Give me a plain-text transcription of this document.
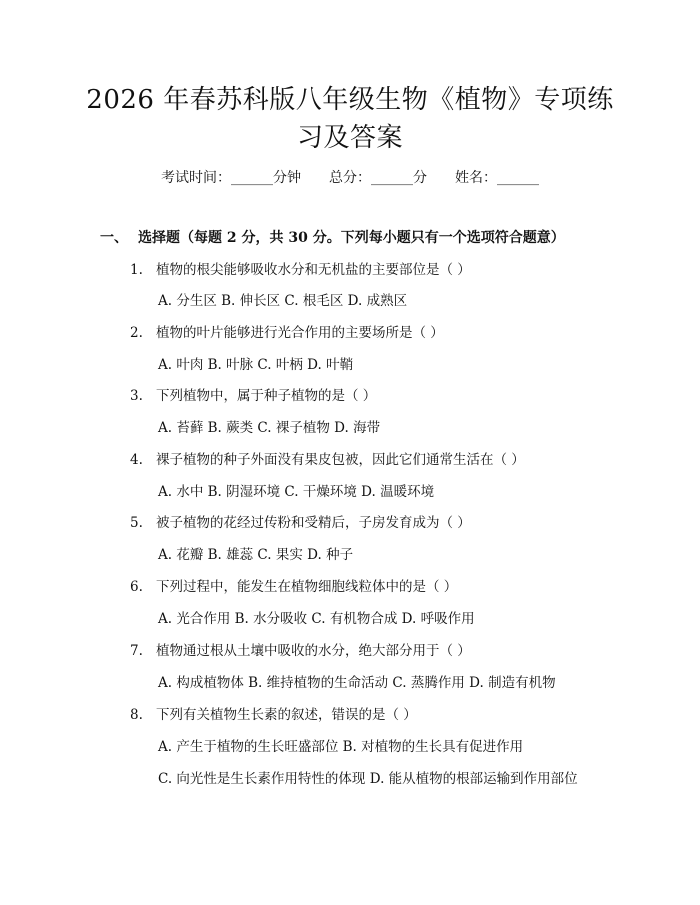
2026 年春苏科版八年级生物《植物》专项练
习及答案
考试时间：______分钟 总分：______分 姓名：______
一、 选择题（每题 2 分，共 30 分。下列每小题只有一个选项符合题意）
1. 植物的根尖能够吸收水分和无机盐的主要部位是（ ）
A. 分生区 B. 伸长区 C. 根毛区 D. 成熟区
2. 植物的叶片能够进行光合作用的主要场所是（ ）
A. 叶肉 B. 叶脉 C. 叶柄 D. 叶鞘
3. 下列植物中，属于种子植物的是（ ）
A. 苔藓 B. 蕨类 C. 裸子植物 D. 海带
4. 裸子植物的种子外面没有果皮包被，因此它们通常生活在（ ）
A. 水中 B. 阴湿环境 C. 干燥环境 D. 温暖环境
5. 被子植物的花经过传粉和受精后，子房发育成为（ ）
A. 花瓣 B. 雄蕊 C. 果实 D. 种子
6. 下列过程中，能发生在植物细胞线粒体中的是（ ）
A. 光合作用 B. 水分吸收 C. 有机物合成 D. 呼吸作用
7. 植物通过根从土壤中吸收的水分，绝大部分用于（ ）
A. 构成植物体 B. 维持植物的生命活动 C. 蒸腾作用 D. 制造有机物
8. 下列有关植物生长素的叙述，错误的是（ ）
A. 产生于植物的生长旺盛部位 B. 对植物的生长具有促进作用
C. 向光性是生长素作用特性的体现 D. 能从植物的根部运输到作用部位
